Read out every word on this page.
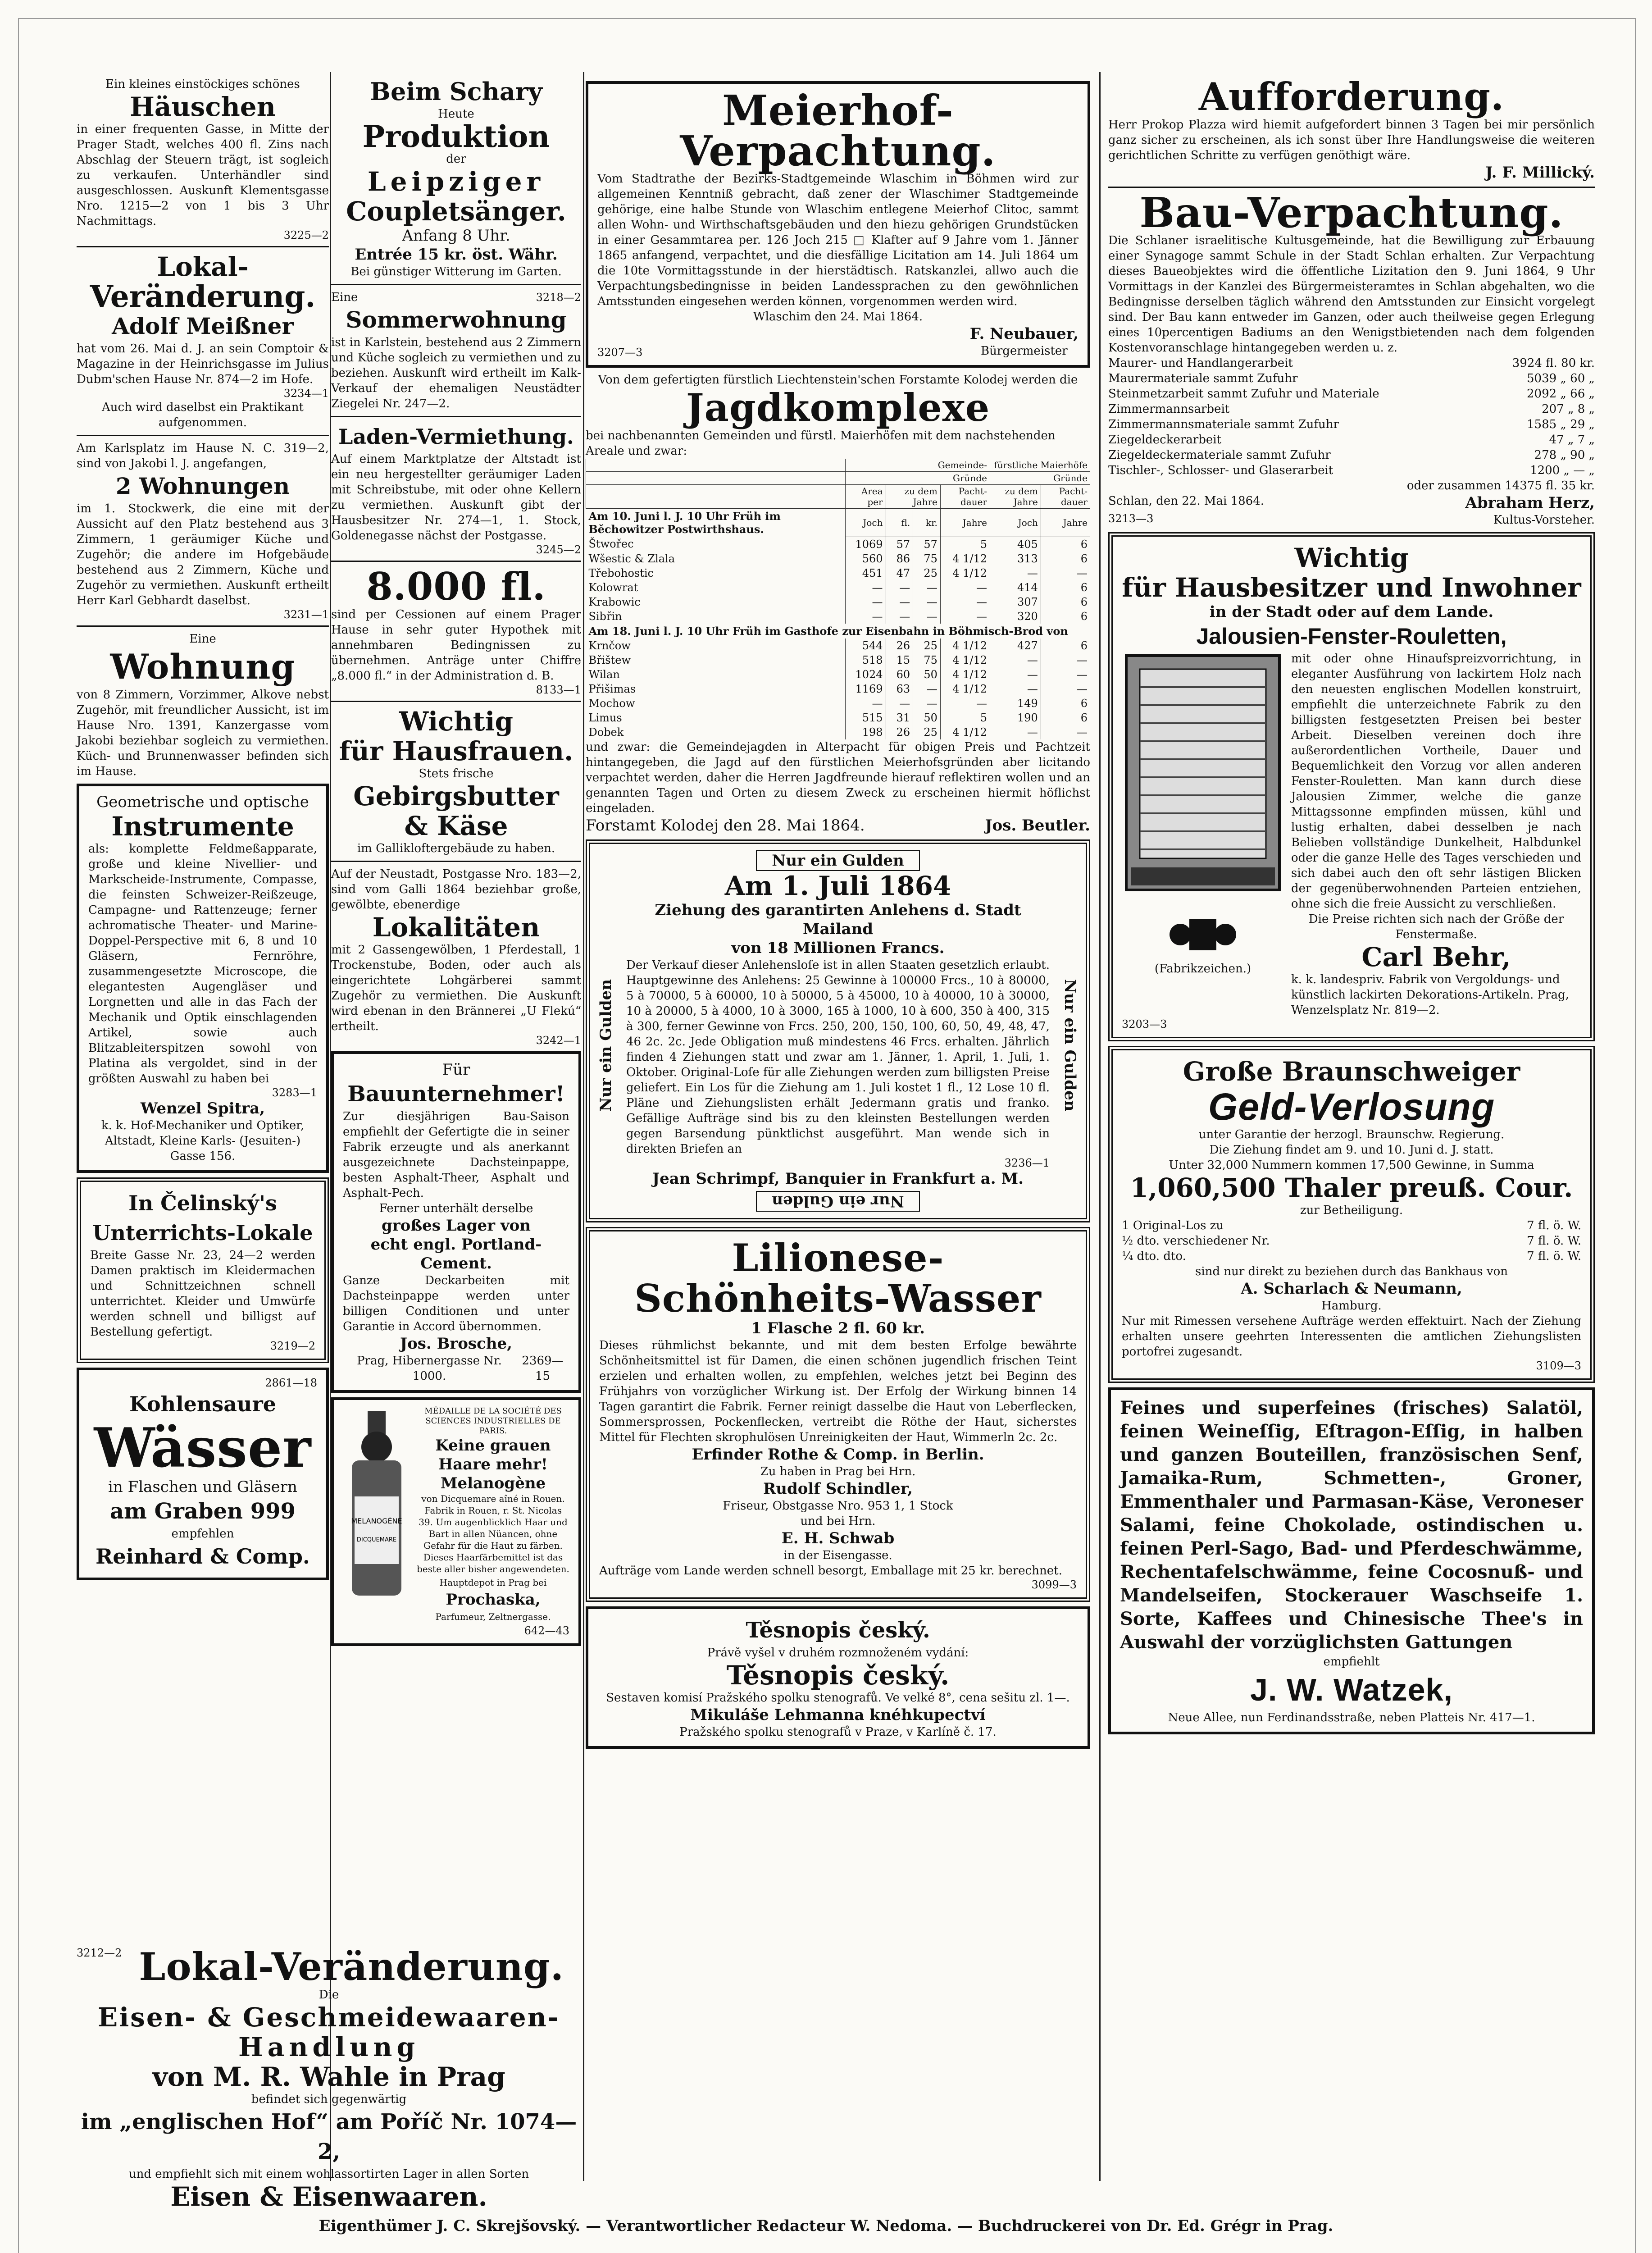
Ein kleines einstöckiges schönes
Häuschen
in einer frequenten Gasse, in Mitte der Prager Stadt, welches 400 fl. Zins nach Abschlag der Steuern trägt, ist sogleich zu verkaufen. Unterhändler sind ausgeschlossen. Auskunft Klementsgasse Nro. 1215—2 von 1 bis 3 Uhr Nachmittags.
3225—2
Lokal-
Veränderung.
Adolf Meißner
hat vom 26. Mai d. J. an sein Comptoir & Magazine in der Heinrichsgasse im Julius Dubm'schen Hause Nr. 874—2 im Hofe.
3234—1
Auch wird daselbst ein Praktikant aufgenommen.
Am Karlsplatz im Hause N. C. 319—2, sind von Jakobi l. J. angefangen,
2 Wohnungen
im 1. Stockwerk, die eine mit der Aussicht auf den Platz bestehend aus 3 Zimmern, 1 geräumiger Küche und Zugehör; die andere im Hofgebäude bestehend aus 2 Zimmern, Küche und Zugehör zu vermiethen. Auskunft ertheilt Herr Karl Gebhardt daselbst.
3231—1
Eine
Wohnung
von 8 Zimmern, Vorzimmer, Alkove nebst Zugehör, mit freundlicher Aussicht, ist im Hause Nro. 1391, Kanzergasse vom Jakobi beziehbar sogleich zu vermiethen. Küch- und Brunnenwasser befinden sich im Hause.
Geometrische und optische
Instrumente
als: komplette Feldmeßapparate, große und kleine Nivellier- und Markscheide-Instrumente, Compasse, die feinsten Schweizer-Reißzeuge, Campagne- und Rattenzeuge; ferner achromatische Theater- und Marine-Doppel-Perspective mit 6, 8 und 10 Gläsern, Fernröhre, zusammengesetzte Microscope, die elegantesten Augengläser und Lorgnetten und alle in das Fach der Mechanik und Optik einschlagenden Artikel, sowie auch Blitzableiterspitzen sowohl von Platina als vergoldet, sind in der größten Auswahl zu haben bei
3283—1
Wenzel Spitra,
k. k. Hof-Mechaniker und Optiker, Altstadt, Kleine Karls- (Jesuiten-) Gasse 156.
In Čelinský's
Unterrichts-Lokale
Breite Gasse Nr. 23, 24—2 werden Damen praktisch im Kleidermachen und Schnittzeichnen schnell unterrichtet. Kleider und Umwürfe werden schnell und billigst auf Bestellung gefertigt.
3219—2
2861—18
Kohlensaure
Wässer
in Flaschen und Gläsern
am Graben 999
empfehlen
Reinhard & Comp.
Beim Schary
Heute
Produktion
der
Leipziger
Coupletsänger.
Anfang 8 Uhr.
Entrée 15 kr. öst. Währ.
Bei günstiger Witterung im Garten.
Eine	3218—2
Sommerwohnung
ist in Karlstein, bestehend aus 2 Zimmern und Küche sogleich zu vermiethen und zu beziehen. Auskunft wird ertheilt im Kalk-Verkauf der ehemaligen Neustädter Ziegelei Nr. 247—2.
Laden-Vermiethung.
Auf einem Marktplatze der Altstadt ist ein neu hergestellter geräumiger Laden mit Schreibstube, mit oder ohne Kellern zu vermiethen. Auskunft gibt der Hausbesitzer Nr. 274—1, 1. Stock, Goldenegasse nächst der Postgasse.
3245—2
8.000 fl.
sind per Cessionen auf einem Prager Hause in sehr guter Hypothek mit annehmbaren Bedingnissen zu übernehmen. Anträge unter Chiffre „8.000 fl.“ in der Administration d. B.
8133—1
Wichtig
für Hausfrauen.
Stets frische
Gebirgsbutter
& Käse
im Gallikloftergebäude zu haben.
Auf der Neustadt, Postgasse Nro. 183—2, sind vom Galli 1864 beziehbar große, gewölbte, ebenerdige
Lokalitäten
mit 2 Gassengewölben, 1 Pferdestall, 1 Trockenstube, Boden, oder auch als eingerichtete Lohgärberei sammt Zugehör zu vermiethen. Die Auskunft wird ebenan in den Brännerei „U Flekú“ ertheilt.
3242—1
Für
Bauunternehmer!
Zur diesjährigen Bau-Saison empfiehlt der Gefertigte die in seiner Fabrik erzeugte und als anerkannt ausgezeichnete Dachsteinpappe, besten Asphalt-Theer, Asphalt und Asphalt-Pech.
Ferner unterhält derselbe
großes Lager von
echt engl. Portland-Cement.
Ganze Deckarbeiten mit Dachsteinpappe werden unter billigen Conditionen und unter Garantie in Accord übernommen.
Jos. Brosche,
Prag, Hibernergasse Nr. 1000.
2369—15
MELANOGÈNE
DICQUEMARE
MÉDAILLE DE LA SOCIÉTÉ DES SCIENCES INDUSTRIELLES DE PARIS.
Keine grauen Haare mehr!
Melanogène
von Dicquemare aîné in Rouen. Fabrik in Rouen, r. St. Nicolas 39. Um augenblicklich Haar und Bart in allen Nüancen, ohne Gefahr für die Haut zu färben.
Dieses Haarfärbemittel ist das beste aller bisher angewendeten.
Hauptdepot in Prag bei
Prochaska,
Parfumeur, Zeltnergasse.
642—43
Meierhof-Verpachtung.
Vom Stadtrathe der Bezirks-Stadtgemeinde Wlaschim in Böhmen wird zur allgemeinen Kenntniß gebracht, daß zener der Wlaschimer Stadtgemeinde gehörige, eine halbe Stunde von Wlaschim entlegene Meierhof Clitoc, sammt allen Wohn- und Wirthschaftsgebäuden und den hiezu gehörigen Grundstücken in einer Gesammtarea per. 126 Joch 215 □ Klafter auf 9 Jahre vom 1. Jänner 1865 anfangend, verpachtet, und die diesfällige Licitation am 14. Juli 1864 um die 10te Vormittagsstunde in der hierstädtisch. Ratskanzlei, allwo auch die Verpachtungsbedingnisse in beiden Landessprachen zu den gewöhnlichen Amtsstunden eingesehen werden können, vorgenommen werden wird.
Wlaschim den 24. Mai 1864.
3207—3
F. Neubauer,
Bürgermeister
Von dem gefertigten fürstlich Liechtenstein'schen Forstamte Kolodej werden die
Jagdkomplexe
bei nachbenannten Gemeinden und fürstl. Maierhöfen mit dem nachstehenden Areale und zwar:
	Gemeinde-				fürstliche Maierhöfe	
	Gründe				Gründe	
	Area per	zu dem Jahre		Pacht-dauer	zu dem Jahre	Pacht-dauer
Am 10. Juni l. J. 10 Uhr Früh im Běchowitzer Postwirthshaus.	Joch	fl.	kr.	Jahre	Joch	Jahre
Štwořec	1069	57	57	5	405	6
Wšestic & Zlala	560	86	75	4 1/12	313	6
Třebohostic	451	47	25	4 1/12	—	—
Kolowrat	—	—	—	—	414	6
Krabowic	—	—	—	—	307	6
Sibřin	—	—	—	—	320	6
Am 18. Juni l. J. 10 Uhr Früh im Gasthofe zur Eisenbahn in Böhmisch-Brod von						
Krnčow	544	26	25	4 1/12	427	6
Břištew	518	15	75	4 1/12	—	—
Wilan	1024	60	50	4 1/12	—	—
Přišimas	1169	63	—	4 1/12	—	—
Mochow	—	—	—	—	149	6
Limus	515	31	50	5	190	6
Dobek	198	26	25	4 1/12	—	—
und zwar: die Gemeindejagden in Alterpacht für obigen Preis und Pachtzeit hintangegeben, die Jagd auf den fürstlichen Meierhofsgründen aber licitando verpachtet werden, daher die Herren Jagdfreunde hierauf reflektiren wollen und an genannten Tagen und Orten zu diesem Zweck zu erscheinen hiermit höflichst eingeladen.
Forstamt Kolodej den 28. Mai 1864.	Jos. Beutler.
Nur ein Gulden
Am 1. Juli 1864
Ziehung des garantirten Anlehens d. Stadt Mailand
von 18 Millionen Francs.
Der Verkauf dieser Anlehensloſe ist in allen Staaten gesetzlich erlaubt. Hauptgewinne des Anlehens: 25 Gewinne à 100000 Frcs., 10 à 80000, 5 à 70000, 5 à 60000, 10 à 50000, 5 à 45000, 10 à 40000, 10 à 30000, 10 à 20000, 5 à 4000, 10 à 3000, 165 à 1000, 10 à 600, 350 à 400, 315 à 300, ferner Gewinne von Frcs. 250, 200, 150, 100, 60, 50, 49, 48, 47, 46 2c. 2c. Jede Obligation muß mindestens 46 Frcs. erhalten. Jährlich finden 4 Ziehungen statt und zwar am 1. Jänner, 1. April, 1. Juli, 1. Oktober. Original-Loſe für alle Ziehungen werden zum billigsten Preise geliefert. Ein Los für die Ziehung am 1. Juli kostet 1 fl., 12 Lose 10 fl. Pläne und Ziehungslisten erhält Jedermann gratis und franko. Gefällige Aufträge sind bis zu den kleinsten Bestellungen werden gegen Barsendung pünktlichst ausgeführt. Man wende sich in direkten Briefen an
3236—1
Jean Schrimpf, Banquier in Frankfurt a. M.
Nur ein Gulden
Nur ein Gulden	Nur ein Gulden
Lilionese-
Schönheits-Wasser
1 Flasche 2 fl. 60 kr.
Dieses rühmlichst bekannte, und mit dem besten Erfolge bewährte Schönheitsmittel ist für Damen, die einen schönen jugendlich frischen Teint erzielen und erhalten wollen, zu empfehlen, welches jetzt bei Beginn des Frühjahrs von vorzüglicher Wirkung ist. Der Erfolg der Wirkung binnen 14 Tagen garantirt die Fabrik. Ferner reinigt dasselbe die Haut von Leberflecken, Sommersprossen, Pockenflecken, vertreibt die Röthe der Haut, sicherstes Mittel für Flechten skrophulösen Unreinigkeiten der Haut, Wimmerln 2c. 2c.
Erfinder Rothe & Comp. in Berlin.
Zu haben in Prag bei Hrn.
Rudolf Schindler,
Friseur, Obstgasse Nro. 953 1, 1 Stock
und bei Hrn.
E. H. Schwab
in der Eisengasse.
Aufträge vom Lande werden schnell besorgt, Emballage mit 25 kr. berechnet.
3099—3
Těsnopis český.
Právě vyšel v druhém rozmnoženém vydání:
Těsnopis český.
Sestaven komisí Pražského spolku stenografů. Ve velké 8°, cena sešitu zl. 1—.
Mikuláše Lehmanna knéhkupectví
Pražského spolku stenografů v Praze, v Karlíně č. 17.
Aufforderung.
Herr Prokop Plazza wird hiemit aufgefordert binnen 3 Tagen bei mir persönlich ganz sicher zu erscheinen, als ich sonst über Ihre Handlungsweise die weiteren gerichtlichen Schritte zu verfügen genöthigt wäre.
J. F. Millický.
Bau-Verpachtung.
Die Schlaner israelitische Kultusgemeinde, hat die Bewilligung zur Erbauung einer Synagoge sammt Schule in der Stadt Schlan erhalten. Zur Verpachtung dieses Baueobjektes wird die öffentliche Lizitation den 9. Juni 1864, 9 Uhr Vormittags in der Kanzlei des Bürgermeisteramtes in Schlan abgehalten, wo die Bedingnisse derselben täglich während den Amtsstunden zur Einsicht vorgelegt sind. Der Bau kann entweder im Ganzen, oder auch theilweise gegen Erlegung eines 10percentigen Badiums an den Wenigstbietenden nach dem folgenden Kostenvoranschlage hintangegeben werden u. z.
Maurer- und Handlangerarbeit	3924 fl. 80 kr.
Maurermateriale sammt Zufuhr	5039 „ 60 „
Steinmetzarbeit sammt Zufuhr und Materiale	2092 „ 66 „
Zimmermannsarbeit	207 „ 8 „
Zimmermannsmateriale sammt Zufuhr	1585 „ 29 „
Ziegeldeckerarbeit	47 „ 7 „
Ziegeldeckermateriale sammt Zufuhr	278 „ 90 „
Tischler-, Schlosser- und Glaserarbeit	1200 „ — „
oder zusammen 14375 fl. 35 kr.
Schlan, den 22. Mai 1864.	Abraham Herz,
3213—3	Kultus-Vorsteher.
Wichtig
für Hausbesitzer und Inwohner
in der Stadt oder auf dem Lande.
Jalousien-Fenster-Rouletten,
(Fabrikzeichen.)
mit oder ohne Hinaufspreizvorrichtung, in eleganter Ausführung von lackirtem Holz nach den neuesten englischen Modellen konstruirt, empfiehlt die unterzeichnete Fabrik zu den billigsten festgesetzten Preisen bei bester Arbeit. Dieselben vereinen doch ihre außerordentlichen Vortheile, Dauer und Bequemlichkeit den Vorzug vor allen anderen Fenster-Rouletten. Man kann durch diese Jalousien Zimmer, welche die ganze Mittagssonne empfinden müssen, kühl und lustig erhalten, dabei desselben je nach Belieben vollständige Dunkelheit, Halbdunkel oder die ganze Helle des Tages verschieden und sich dabei auch den oft sehr lästigen Blicken der gegenüberwohnenden Parteien entziehen, ohne sich die freie Aussicht zu verschließen.
Die Preise richten sich nach der Größe der Fenstermaße.
Carl Behr,
k. k. landespriv. Fabrik von Vergoldungs- und künstlich lackirten Dekorations-Artikeln. Prag, Wenzelsplatz Nr. 819—2.
3203—3
Große Braunschweiger
Geld-Verlosung
unter Garantie der herzogl. Braunschw. Regierung.
Die Ziehung findet am 9. und 10. Juni d. J. statt.
Unter 32,000 Nummern kommen 17,500 Gewinne, in Summa
1,060,500 Thaler preuß. Cour.
zur Betheiligung.
1 Original-Los zu	7 fl. ö. W.
½ dto. verschiedener Nr.	7 fl. ö. W.
¼ dto. dto.	7 fl. ö. W.
sind nur direkt zu beziehen durch das Bankhaus von
A. Scharlach & Neumann,
Hamburg.
Nur mit Rimessen versehene Aufträge werden effektuirt. Nach der Ziehung erhalten unsere geehrten Interessenten die amtlichen Ziehungslisten portofrei zugesandt.
3109—3
Feines und superfeines (frisches) Salatöl, feinen Weineſſig, Eſtragon-Eſſig, in halben und ganzen Bouteillen, französischen Senf, Jamaika-Rum, Schmetten-, Groner, Emmenthaler und Parmasan-Käse, Veroneser Salami, feine Chokolade, ostindischen u. feinen Perl-Sago, Bad- und Pferdeschwämme, Rechentafelschwämme, feine Cocosnuß- und Mandelseifen, Stockerauer Waschseife 1. Sorte, Kaffees und Chinesische Thee's in Auswahl der vorzüglichsten Gattungen
empfiehlt
J. W. Watzek,
Neue Allee, nun Ferdinandsstraße, neben Platteis Nr. 417—1.
3212—2 Lokal-Veränderung.
Die
Eisen- & Geschmeidewaaren-
Handlung
von M. R. Wahle in Prag
befindet sich gegenwärtig
im „englischen Hof“ am Poříč Nr. 1074—2,
und empfiehlt sich mit einem wohlassortirten Lager in allen Sorten
Eisen & Eisenwaaren.
Eigenthümer J. C. Skrejšovský. — Verantwortlicher Redacteur W. Nedoma. — Buchdruckerei von Dr. Ed. Grégr in Prag.
